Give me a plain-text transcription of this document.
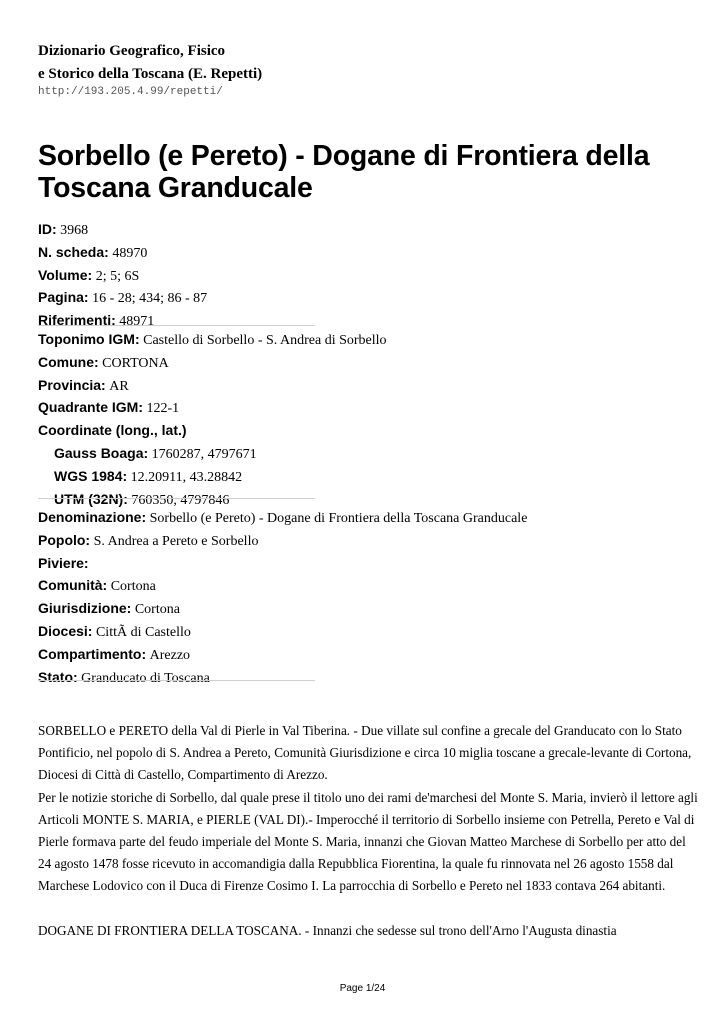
Dizionario Geografico, Fisico
e Storico della Toscana (E. Repetti)
http://193.205.4.99/repetti/
Sorbello (e Pereto) - Dogane di Frontiera della Toscana Granducale
ID: 3968
N. scheda: 48970
Volume: 2; 5; 6S
Pagina: 16 - 28; 434; 86 - 87
Riferimenti: 48971
Toponimo IGM: Castello di Sorbello - S. Andrea di Sorbello
Comune: CORTONA
Provincia: AR
Quadrante IGM: 122-1
Coordinate (long., lat.)
Gauss Boaga: 1760287, 4797671
WGS 1984: 12.20911, 43.28842
UTM (32N): 760350, 4797846
Denominazione: Sorbello (e Pereto) - Dogane di Frontiera della Toscana Granducale
Popolo: S. Andrea a Pereto e Sorbello
Piviere:
Comunità: Cortona
Giurisdizione: Cortona
Diocesi: CittÃ di Castello
Compartimento: Arezzo
Stato: Granducato di Toscana

SORBELLO e PERETO della Val di Pierle in Val Tiberina. - Due villate sul confine a grecale del Granducato con lo Stato Pontificio, nel popolo di S. Andrea a Pereto, Comunità Giurisdizione e circa 10 miglia toscane a grecale-levante di Cortona, Diocesi di Città di Castello, Compartimento di Arezzo.

Per le notizie storiche di Sorbello, dal quale prese il titolo uno dei rami de'marchesi del Monte S. Maria, invierò il lettore agli Articoli MONTE S. MARIA, e PIERLE (VAL DI).- Imperocché il territorio di Sorbello insieme con Petrella, Pereto e Val di Pierle formava parte del feudo imperiale del Monte S. Maria, innanzi che Giovan Matteo Marchese di Sorbello per atto del 24 agosto 1478 fosse ricevuto in accomandigia dalla Repubblica Fiorentina, la quale fu rinnovata nel 26 agosto 1558 dal Marchese Lodovico con il Duca di Firenze Cosimo I. La parrocchia di Sorbello e Pereto nel 1833 contava 264 abitanti.

DOGANE DI FRONTIERA DELLA TOSCANA. - Innanzi che sedesse sul trono dell'Arno l'Augusta dinastia

Page 1/24
